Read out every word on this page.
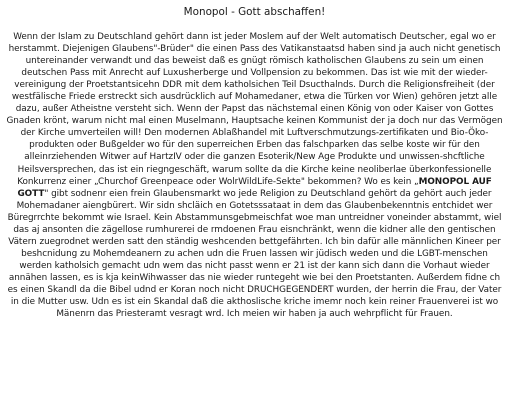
Monopol - Gott abschaffen!

Wenn der Islam zu Deutschland gehört dann ist jeder Moslem auf der Welt automatisch Deutscher, egal wo er herstammt. Diejenigen Glaubens"-Brüder" die einen Pass des Vatikanstaatsd haben sind ja auch nicht genetisch untereinander verwandt und das beweist daß es gnügt römisch katholischen Glaubens zu sein um einen deutschen Pass mit Anrecht auf Luxusherberge und Vollpension zu bekommen. Das ist wie mit der wieder-vereinigung der Proetstantsicehn DDR mit dem katholsichen Teil Dsucthalnds. Durch die Religionsfreiheit (der westfälische Friede erstreckt sich ausdrücklich auf Mohamedaner, etwa die Türken vor Wien) gehören jetzt alle dazu, außer Atheistne versteht sich. Wenn der Papst das nächstemal einen König von oder Kaiser von Gottes Gnaden krönt, warum nicht mal einen Muselmann, Hauptsache keinen Kommunist der ja doch nur das Vermögen der Kirche umverteilen will! Den modernen Ablaßhandel mit Luftverschmutzungs-zertifikaten und Bio-Öko-produkten oder Bußgelder wo für den superreichen Erben das falschparken das selbe koste wir für den alleinrziehenden Witwer auf HartzIV oder die ganzen Esoterik/New Age Produkte und unwissen-shcftliche Heilsversprechen, das ist ein riegngeschäft, warum sollte da die Kirche keine neoliberlae überkonfessionelle Konkurrenz einer „Churchof Greenpeace oder WolrWildLife-Sekte" bekommen? Wo es kein „MONOPOL AUF GOTT" gibt sodnenr eien frein Glaubensmarkt wo jede Religion zu Deutschland gehört da gehört auch jeder Mohemadaner aiengbürert. Wir sidn shcläich en Gotetsssataat in dem das Glaubenbekenntnis entchidet wer Büregrrchte bekommt wie Israel. Kein Abstammunsgebmeischfat woe man untreidner voneinder abstammt, wiel das aj ansonten die zägellose rumhurerei de rmdoenen Frau eisnchränkt, wenn die kidner alle den gentischen Vätern zuegrodnet werden satt den ständig weshcenden bettgefährten. Ich bin dafür alle männlichen Kineer per beshcnidung zu Mohemdeanern zu achen udn die Fruen lassen wir jüdisch weden und die LGBT-menschen werden katholsich gemacht udn wem das nicht passt wenn er 21 ist der kann sich dann die Vorhaut wieder annähen lassen, es is kja keinWihwasser das nie wieder runtegeht wie bei den Proetstanten. Außerdem fidne ch es einen Skandl da die Bibel udnd er Koran noch nicht DRUCHGEGENDERT wurden, der herrin die Frau, der Vater in die Mutter usw. Udn es ist ein Skandal daß die akthoslische kriche imemr noch kein reiner Frauenverei ist wo Mänenrn das Priesteramt vesragt wrd. Ich meien wir haben ja auch wehrpflicht für Frauen.
